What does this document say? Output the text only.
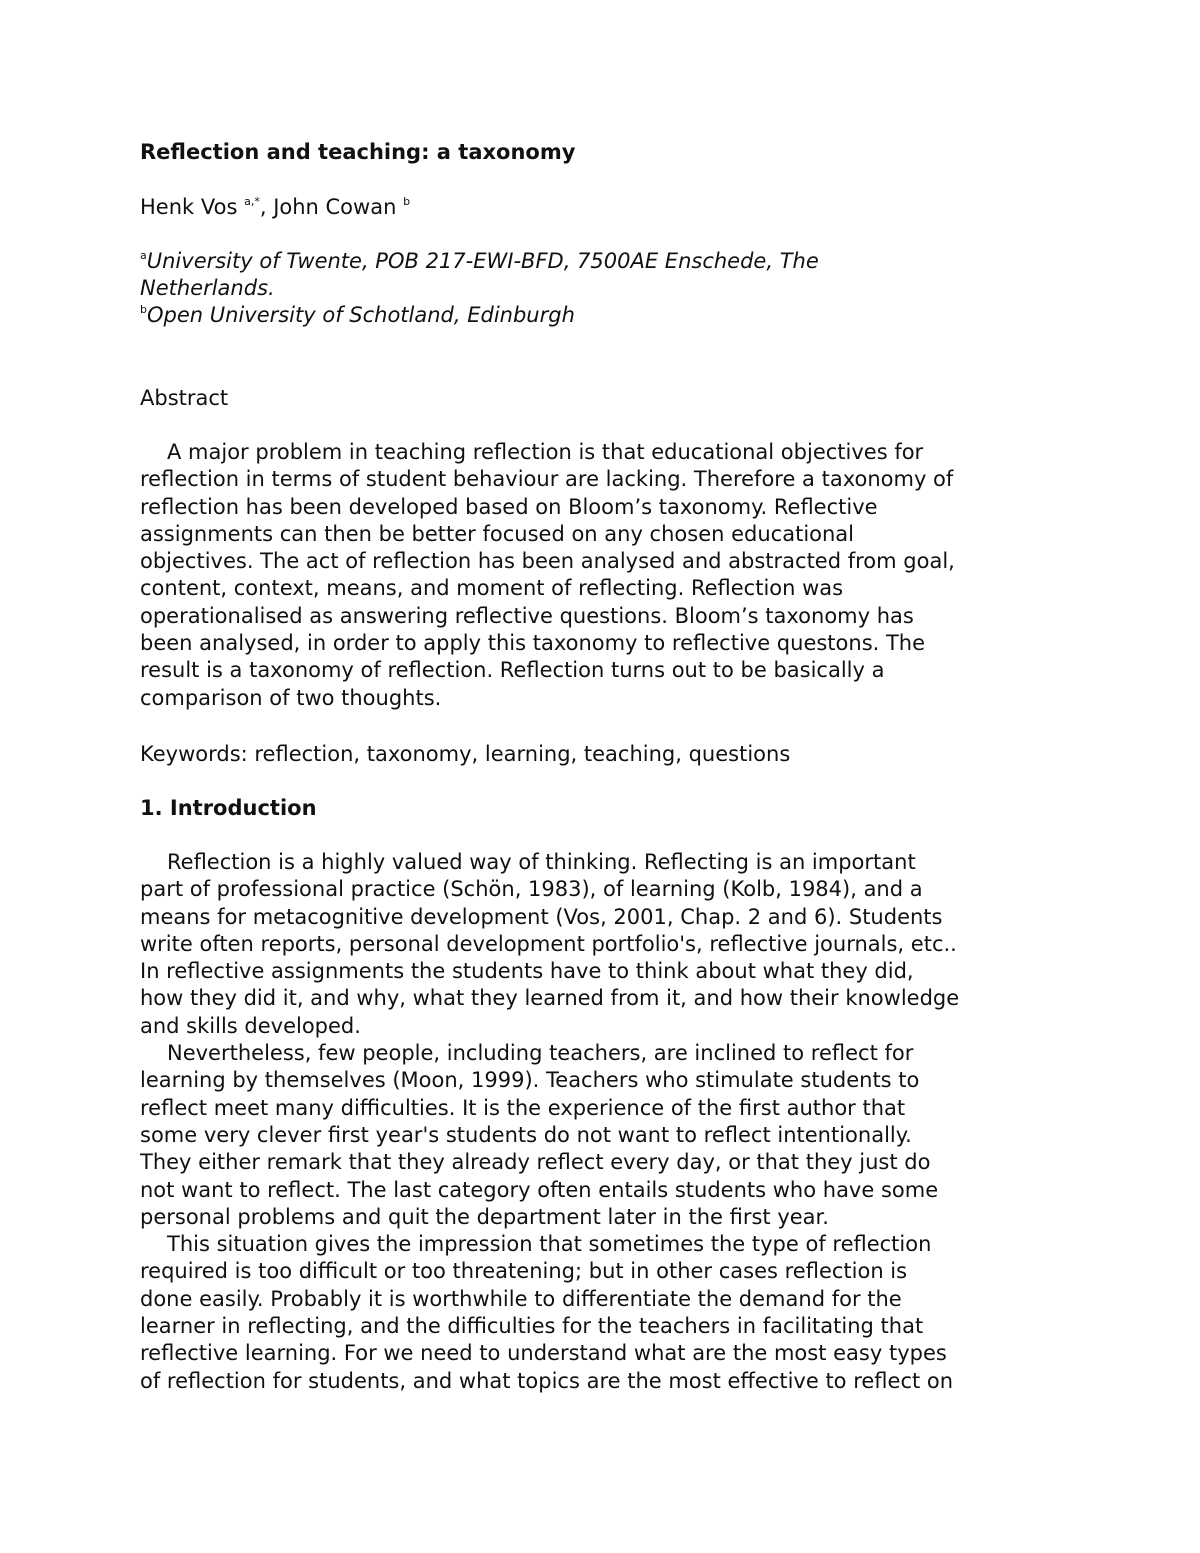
Reflection and teaching: a taxonomy
Henk Vos $^{a,*}$, John Cowan $^b$
$^a$University of Twente, POB 217-EWI-BFD, 7500AE Enschede, The
Netherlands.
$^b$Open University of Schotland, Edinburgh
Abstract
A major problem in teaching reflection is that educational objectives for
reflection in terms of student behaviour are lacking. Therefore a taxonomy of
reflection has been developed based on Bloom’s taxonomy. Reflective
assignments can then be better focused on any chosen educational
objectives. The act of reflection has been analysed and abstracted from goal,
content, context, means, and moment of reflecting. Reflection was
operationalised as answering reflective questions. Bloom’s taxonomy has
been analysed, in order to apply this taxonomy to reflective questons. The
result is a taxonomy of reflection. Reflection turns out to be basically a
comparison of two thoughts.

Keywords: reflection, taxonomy, learning, teaching, questions

1. Introduction
Reflection is a highly valued way of thinking. Reflecting is an important
part of professional practice (Schön, 1983), of learning (Kolb, 1984), and a
means for metacognitive development (Vos, 2001, Chap. 2 and 6). Students
write often reports, personal development portfolio's, reflective journals, etc..
In reflective assignments the students have to think about what they did,
how they did it, and why, what they learned from it, and how their knowledge
and skills developed.
Nevertheless, few people, including teachers, are inclined to reflect for
learning by themselves (Moon, 1999). Teachers who stimulate students to
reflect meet many difficulties. It is the experience of the first author that
some very clever first year's students do not want to reflect intentionally.
They either remark that they already reflect every day, or that they just do
not want to reflect. The last category often entails students who have some
personal problems and quit the department later in the first year.
This situation gives the impression that sometimes the type of reflection
required is too difficult or too threatening; but in other cases reflection is
done easily. Probably it is worthwhile to differentiate the demand for the
learner in reflecting, and the difficulties for the teachers in facilitating that
reflective learning. For we need to understand what are the most easy types
of reflection for students, and what topics are the most effective to reflect on
